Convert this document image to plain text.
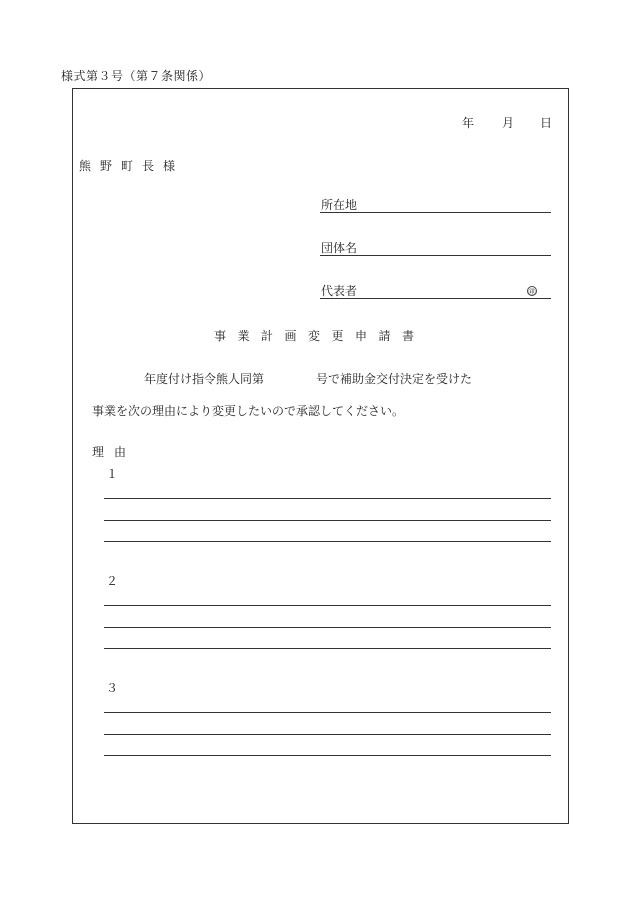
様式第３号（第７条関係）
年 月 日
熊野町長様
所在地
団体名
代表者	㊞
事業計画変更申請書
年度付け指令熊人同第	号で補助金交付決定を受けた
事業を次の理由により変更したいので承認してください。
理由
１
２
３
